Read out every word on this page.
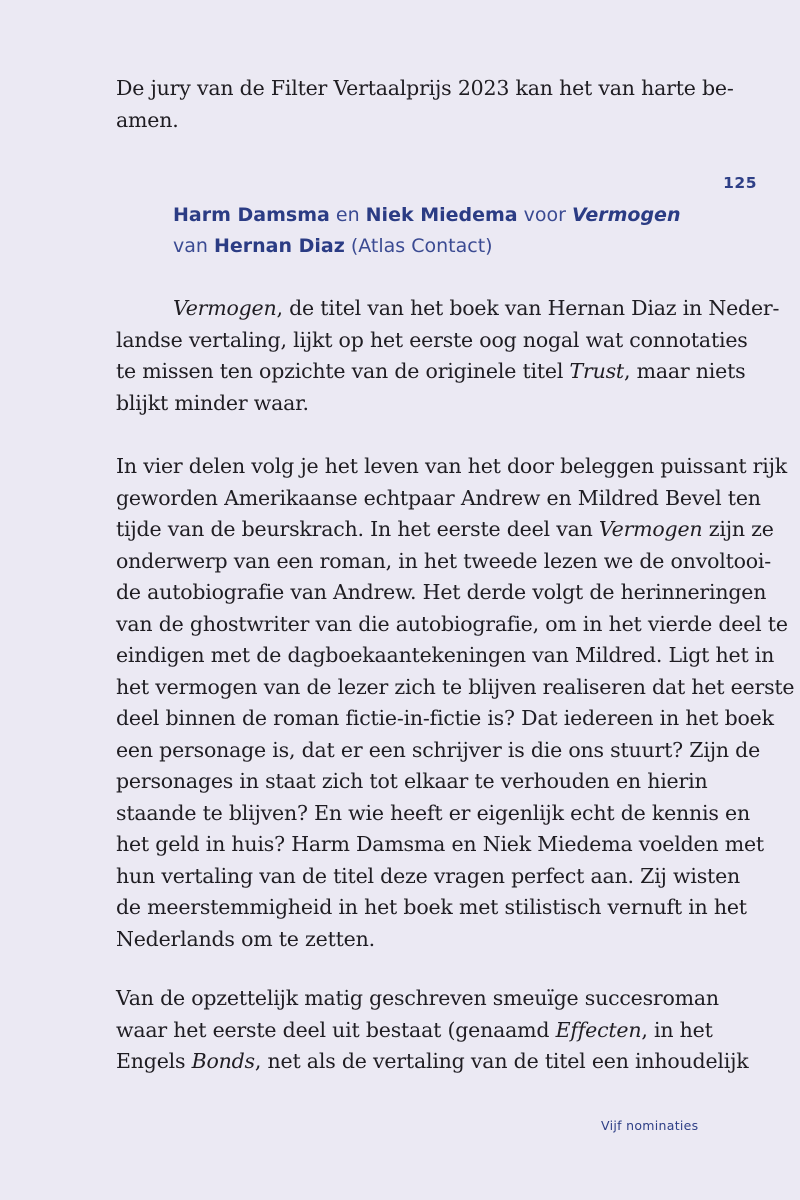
De jury van de Filter Vertaalprijs 2023 kan het van harte be-
amen.
125
Harm Damsma en Niek Miedema voor Vermogen
van Hernan Diaz (Atlas Contact)
Vermogen, de titel van het boek van Hernan Diaz in Neder-
landse vertaling, lijkt op het eerste oog nogal wat connotaties
te missen ten opzichte van de originele titel Trust, maar niets
blijkt minder waar.
In vier delen volg je het leven van het door beleggen puissant rijk
geworden Amerikaanse echtpaar Andrew en Mildred Bevel ten
tijde van de beurskrach. In het eerste deel van Vermogen zijn ze
onderwerp van een roman, in het tweede lezen we de onvoltooi-
de autobiografie van Andrew. Het derde volgt de herinneringen
van de ghostwriter van die autobiografie, om in het vierde deel te
eindigen met de dagboekaantekeningen van Mildred. Ligt het in
het vermogen van de lezer zich te blijven realiseren dat het eerste
deel binnen de roman fictie-in-fictie is? Dat iedereen in het boek
een personage is, dat er een schrijver is die ons stuurt? Zijn de
personages in staat zich tot elkaar te verhouden en hierin
staande te blijven? En wie heeft er eigenlijk echt de kennis en
het geld in huis? Harm Damsma en Niek Miedema voelden met
hun vertaling van de titel deze vragen perfect aan. Zij wisten
de meerstemmigheid in het boek met stilistisch vernuft in het
Nederlands om te zetten.
Van de opzettelijk matig geschreven smeuïge succesroman
waar het eerste deel uit bestaat (genaamd Effecten, in het
Engels Bonds, net als de vertaling van de titel een inhoudelijk
Vijf nominaties
